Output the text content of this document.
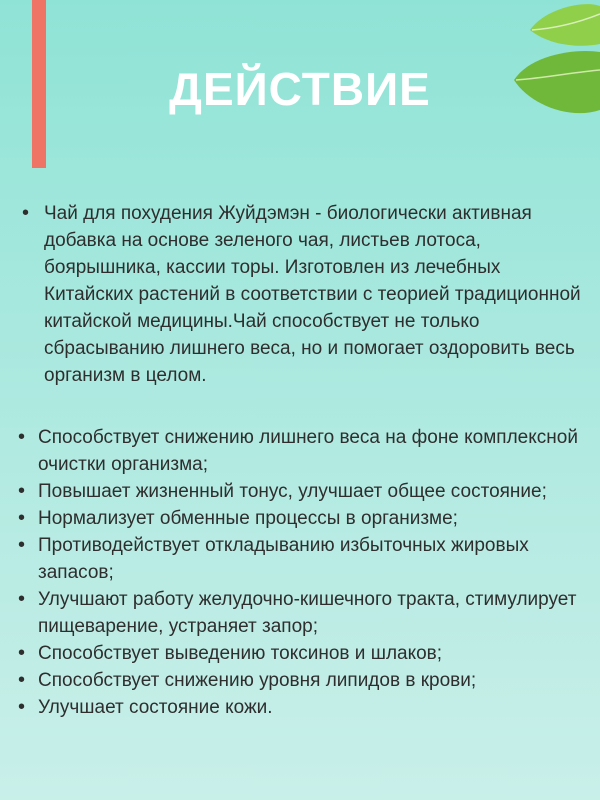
ДЕЙСТВИЕ
• Чай для похудения Жуйдэмэн - биологически активная добавка на основе зеленого чая, листьев лотоса, боярышника, кассии торы. Изготовлен из лечебных Китайских растений в соответствии с теорией традиционной китайской медицины.Чай способствует не только сбрасыванию лишнего веса, но и помогает оздоровить весь организм в целом.
• Способствует снижению лишнего веса на фоне комплексной очистки организма;
• Повышает жизненный тонус, улучшает общее состояние;
• Нормализует обменные процессы в организме;
• Противодействует откладыванию избыточных жировых запасов;
• Улучшают работу желудочно-кишечного тракта, стимулирует пищеварение, устраняет запор;
• Способствует выведению токсинов и шлаков;
• Способствует снижению уровня липидов в крови;
• Улучшает состояние кожи.
